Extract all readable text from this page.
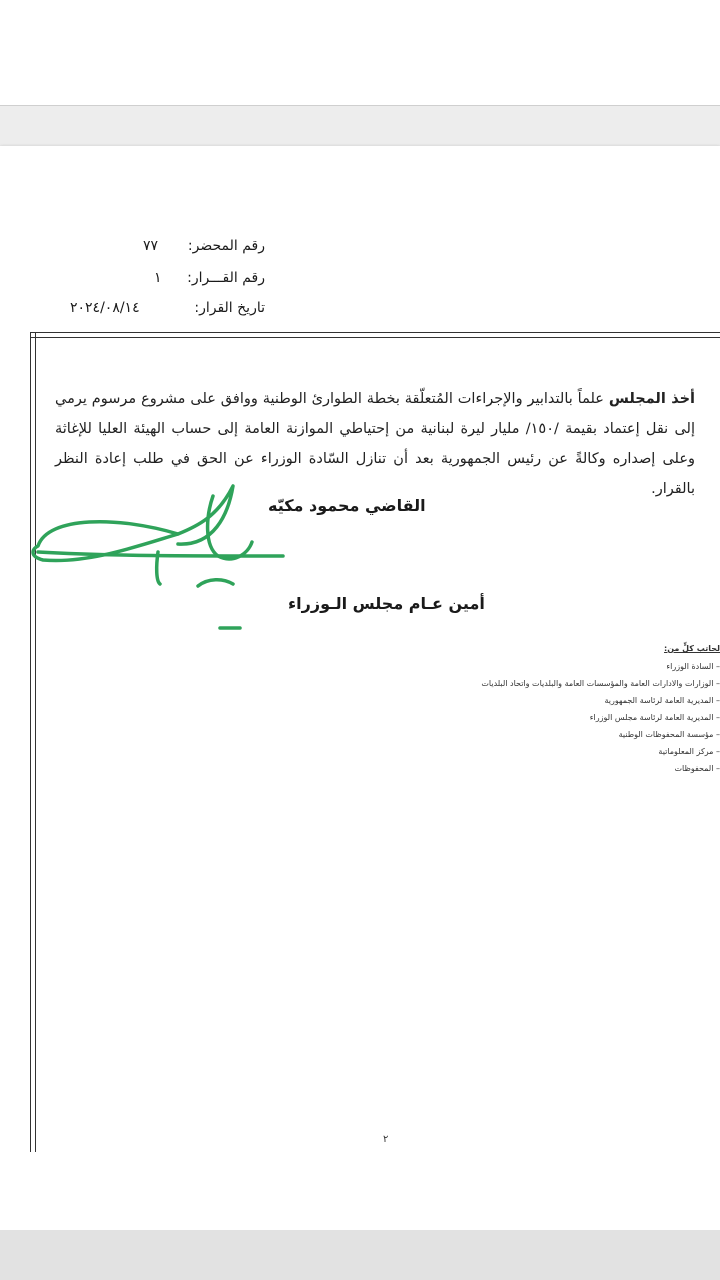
رقم المحضر:
٧٧
رقم القـــرار:
١
تاريخ القرار:
٢٠٢٤/٠٨/١٤
أخذ المجلس علماً بالتدابير والإجراءات المُتعلّقة بخطة الطوارئ الوطنية ووافق على مشروع مرسوم يرمي إلى نقل إعتماد بقيمة /١٥٠/ مليار ليرة لبنانية من إحتياطي الموازنة العامة إلى حساب الهيئة العليا للإغاثة وعلى إصداره وكالةً عن رئيس الجمهورية بعد أن تنازل السّادة الوزراء عن الحق في طلب إعادة النظر بالقرار.
القاضي محمود مكيّه
أمين عـام مجلس الـوزراء
لحاتب كلٍّ من:
– السادة الوزراء
– الوزارات والادارات العامة والمؤسسات العامة والبلديات واتحاد البلديات
– المديرية العامة لرئاسة الجمهورية
– المديرية العامة لرئاسة مجلس الوزراء
– مؤسسة المحفوظات الوطنية
– مركز المعلوماتية
– المحفوظات
٢
